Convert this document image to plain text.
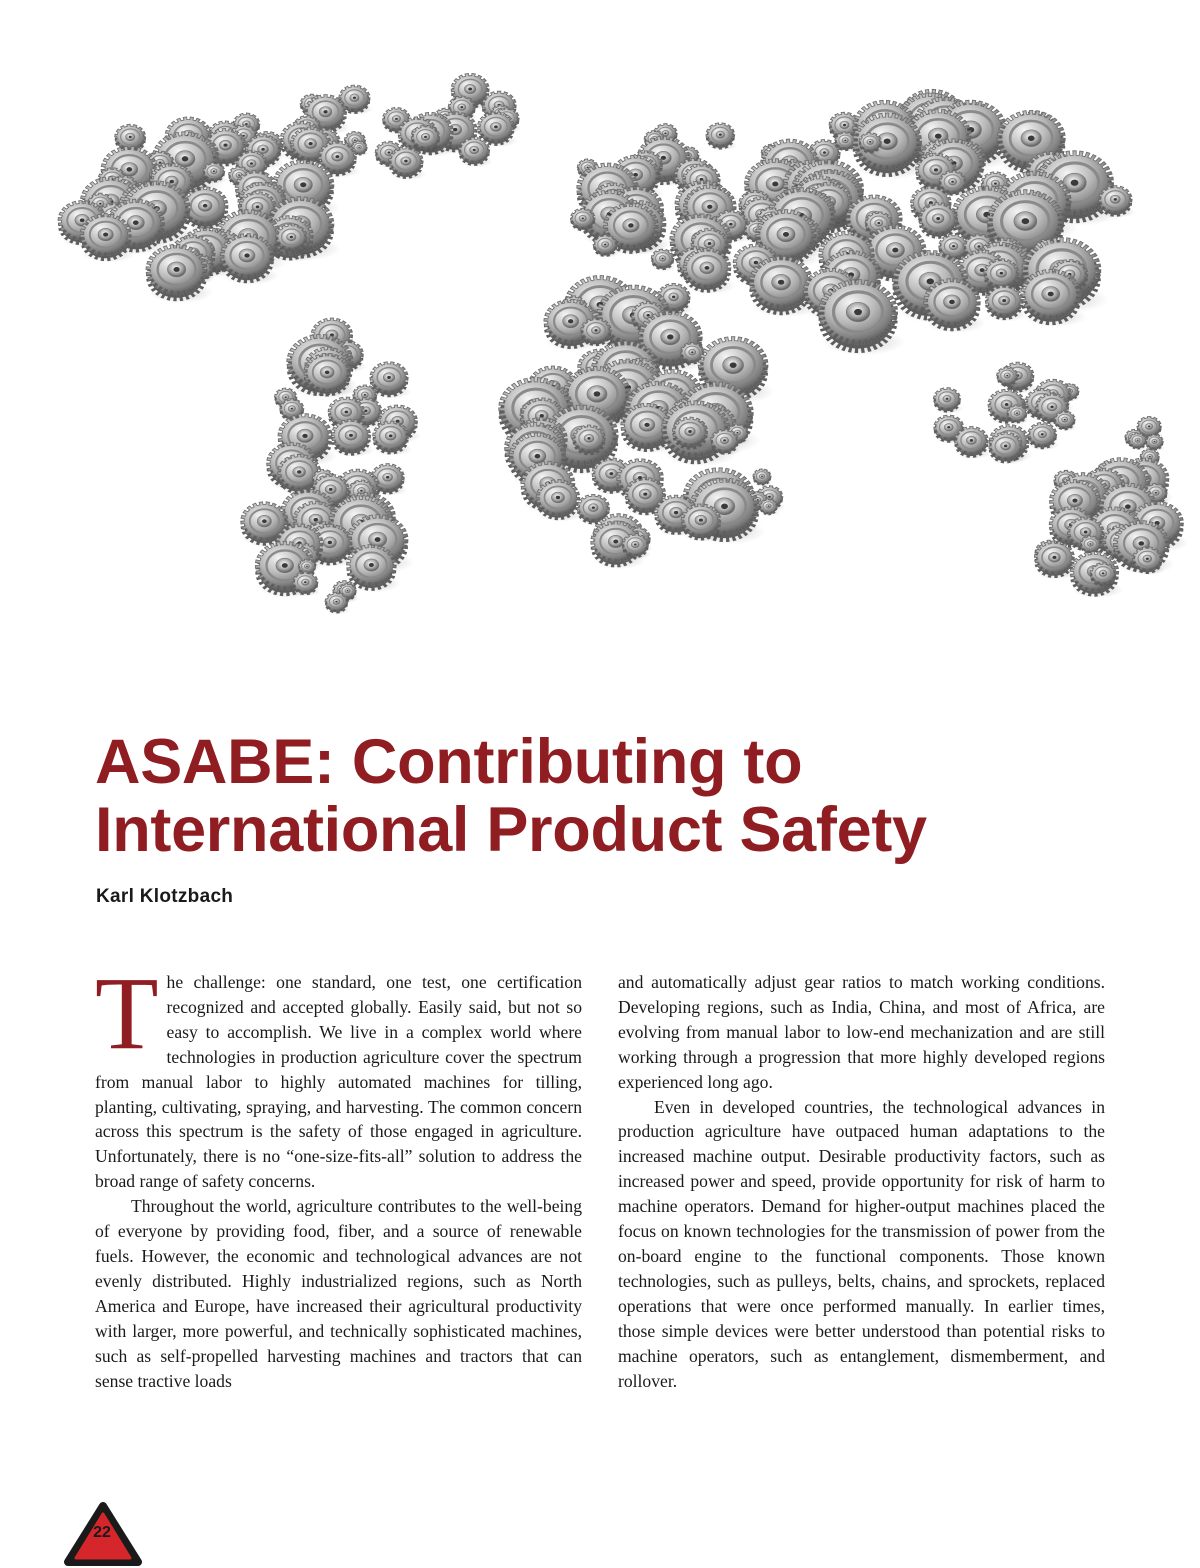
ASABE: Contributing to
International Product Safety
Karl Klotzbach

The challenge: one standard, one test, one certification recognized and accepted globally. Easily said, but not so easy to accomplish. We live in a complex world where technologies in production agriculture cover the spectrum from manual labor to highly automated machines for tilling, planting, cultivating, spraying, and harvesting. The common concern across this spectrum is the safety of those engaged in agriculture. Unfortunately, there is no “one-size-fits-all” solution to address the broad range of safety concerns.

Throughout the world, agriculture contributes to the well-being of everyone by providing food, fiber, and a source of renewable fuels. However, the economic and technological advances are not evenly distributed. Highly industrialized regions, such as North America and Europe, have increased their agricultural productivity with larger, more powerful, and technically sophisticated machines, such as self-propelled harvesting machines and tractors that can sense tractive loads

and automatically adjust gear ratios to match working conditions. Developing regions, such as India, China, and most of Africa, are evolving from manual labor to low-end mechanization and are still working through a progression that more highly developed regions experienced long ago.

Even in developed countries, the technological advances in production agriculture have outpaced human adaptations to the increased machine output. Desirable productivity factors, such as increased power and speed, provide opportunity for risk of harm to machine operators. Demand for higher-output machines placed the focus on known technologies for the transmission of power from the on-board engine to the functional components. Those known technologies, such as pulleys, belts, chains, and sprockets, replaced operations that were once performed manually. In earlier times, those simple devices were better understood than potential risks to machine operators, such as entanglement, dismemberment, and rollover.

22
